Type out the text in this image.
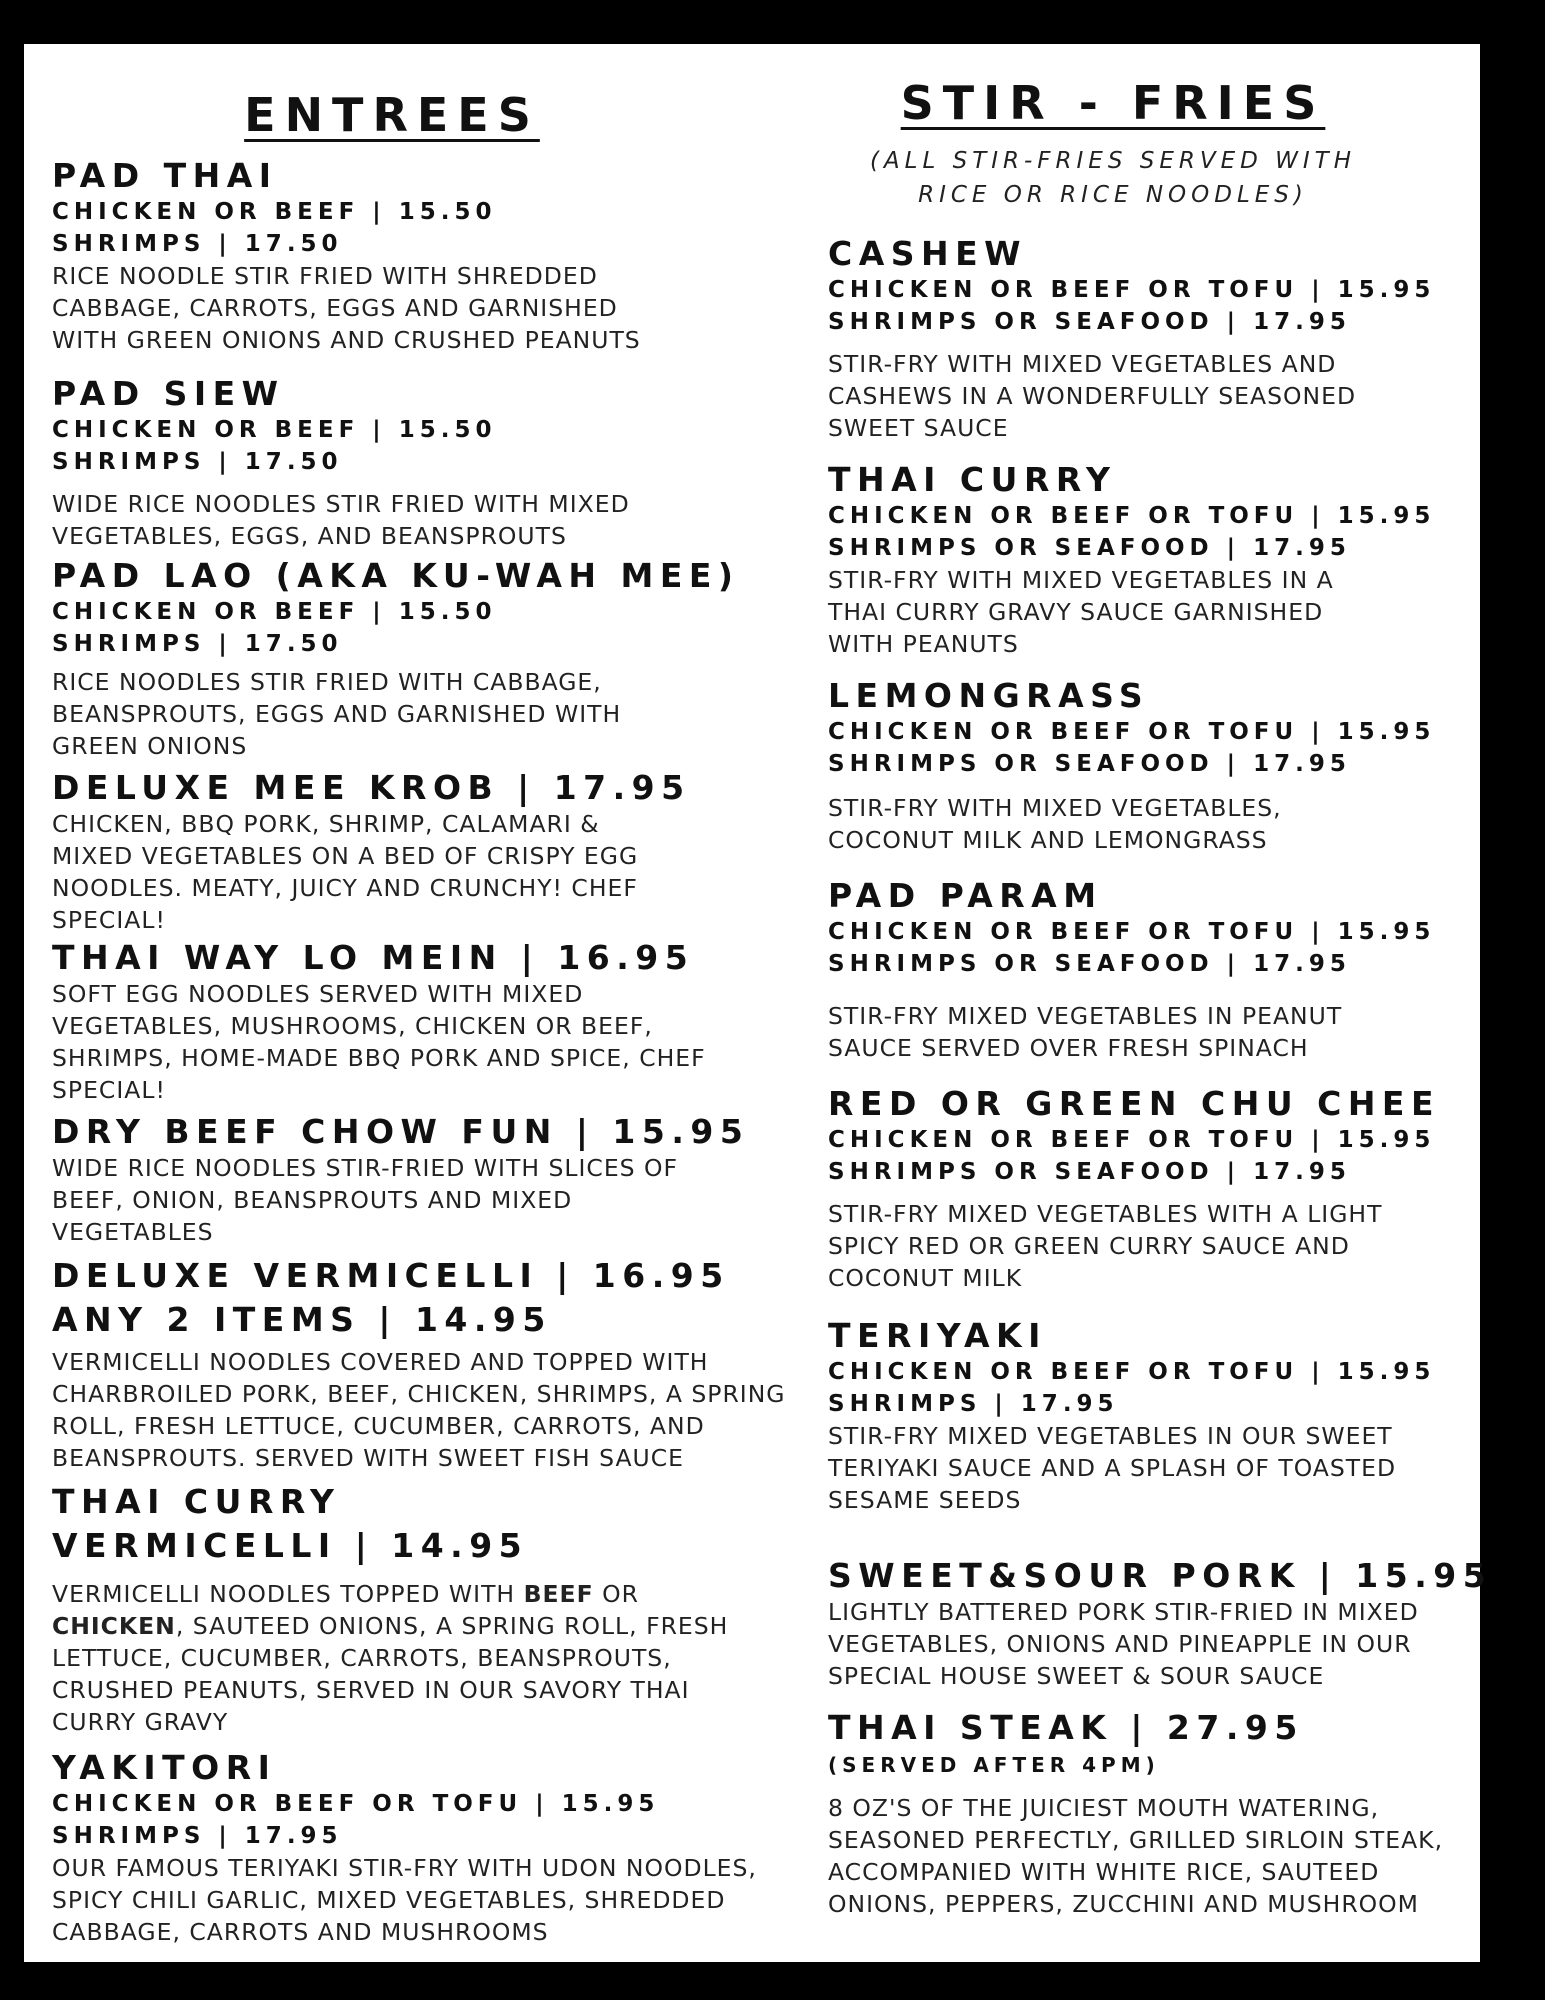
ENTREES
PAD THAI
CHICKEN OR BEEF | 15.50
SHRIMPS | 17.50
RICE NOODLE STIR FRIED WITH SHREDDED CABBAGE, CARROTS, EGGS AND GARNISHED WITH GREEN ONIONS AND CRUSHED PEANUTS
PAD SIEW
CHICKEN OR BEEF | 15.50
SHRIMPS | 17.50
WIDE RICE NOODLES STIR FRIED WITH MIXED VEGETABLES, EGGS, AND BEANSPROUTS
PAD LAO (AKA KU-WAH MEE)
CHICKEN OR BEEF | 15.50
SHRIMPS | 17.50
RICE NOODLES STIR FRIED WITH CABBAGE, BEANSPROUTS, EGGS AND GARNISHED WITH GREEN ONIONS
DELUXE MEE KROB | 17.95
CHICKEN, BBQ PORK, SHRIMP, CALAMARI & MIXED VEGETABLES ON A BED OF CRISPY EGG NOODLES. MEATY, JUICY AND CRUNCHY! CHEF SPECIAL!
THAI WAY LO MEIN | 16.95
SOFT EGG NOODLES SERVED WITH MIXED VEGETABLES, MUSHROOMS, CHICKEN OR BEEF, SHRIMPS, HOME-MADE BBQ PORK AND SPICE, CHEF SPECIAL!
DRY BEEF CHOW FUN | 15.95
WIDE RICE NOODLES STIR-FRIED WITH SLICES OF BEEF, ONION, BEANSPROUTS AND MIXED VEGETABLES
DELUXE VERMICELLI | 16.95
ANY 2 ITEMS | 14.95
VERMICELLI NOODLES COVERED AND TOPPED WITH CHARBROILED PORK, BEEF, CHICKEN, SHRIMPS, A SPRING ROLL, FRESH LETTUCE, CUCUMBER, CARROTS, AND BEANSPROUTS. SERVED WITH SWEET FISH SAUCE
THAI CURRY
VERMICELLI | 14.95
VERMICELLI NOODLES TOPPED WITH BEEF OR CHICKEN, SAUTEED ONIONS, A SPRING ROLL, FRESH LETTUCE, CUCUMBER, CARROTS, BEANSPROUTS, CRUSHED PEANUTS, SERVED IN OUR SAVORY THAI CURRY GRAVY
YAKITORI
CHICKEN OR BEEF OR TOFU | 15.95
SHRIMPS | 17.95
OUR FAMOUS TERIYAKI STIR-FRY WITH UDON NOODLES, SPICY CHILI GARLIC, MIXED VEGETABLES, SHREDDED CABBAGE, CARROTS AND MUSHROOMS
STIR - FRIES
(ALL STIR-FRIES SERVED WITH
RICE OR RICE NOODLES)
CASHEW
CHICKEN OR BEEF OR TOFU | 15.95
SHRIMPS OR SEAFOOD | 17.95
STIR-FRY WITH MIXED VEGETABLES AND CASHEWS IN A WONDERFULLY SEASONED SWEET SAUCE
THAI CURRY
CHICKEN OR BEEF OR TOFU | 15.95
SHRIMPS OR SEAFOOD | 17.95
STIR-FRY WITH MIXED VEGETABLES IN A THAI CURRY GRAVY SAUCE GARNISHED WITH PEANUTS
LEMONGRASS
CHICKEN OR BEEF OR TOFU | 15.95
SHRIMPS OR SEAFOOD | 17.95
STIR-FRY WITH MIXED VEGETABLES, COCONUT MILK AND LEMONGRASS
PAD PARAM
CHICKEN OR BEEF OR TOFU | 15.95
SHRIMPS OR SEAFOOD | 17.95
STIR-FRY MIXED VEGETABLES IN PEANUT SAUCE SERVED OVER FRESH SPINACH
RED OR GREEN CHU CHEE
CHICKEN OR BEEF OR TOFU | 15.95
SHRIMPS OR SEAFOOD | 17.95
STIR-FRY MIXED VEGETABLES WITH A LIGHT SPICY RED OR GREEN CURRY SAUCE AND COCONUT MILK
TERIYAKI
CHICKEN OR BEEF OR TOFU | 15.95
SHRIMPS | 17.95
STIR-FRY MIXED VEGETABLES IN OUR SWEET TERIYAKI SAUCE AND A SPLASH OF TOASTED SESAME SEEDS
SWEET&SOUR PORK | 15.95
LIGHTLY BATTERED PORK STIR-FRIED IN MIXED VEGETABLES, ONIONS AND PINEAPPLE IN OUR SPECIAL HOUSE SWEET & SOUR SAUCE
THAI STEAK | 27.95
(SERVED AFTER 4PM)
8 OZ'S OF THE JUICIEST MOUTH WATERING, SEASONED PERFECTLY, GRILLED SIRLOIN STEAK, ACCOMPANIED WITH WHITE RICE, SAUTEED ONIONS, PEPPERS, ZUCCHINI AND MUSHROOM
